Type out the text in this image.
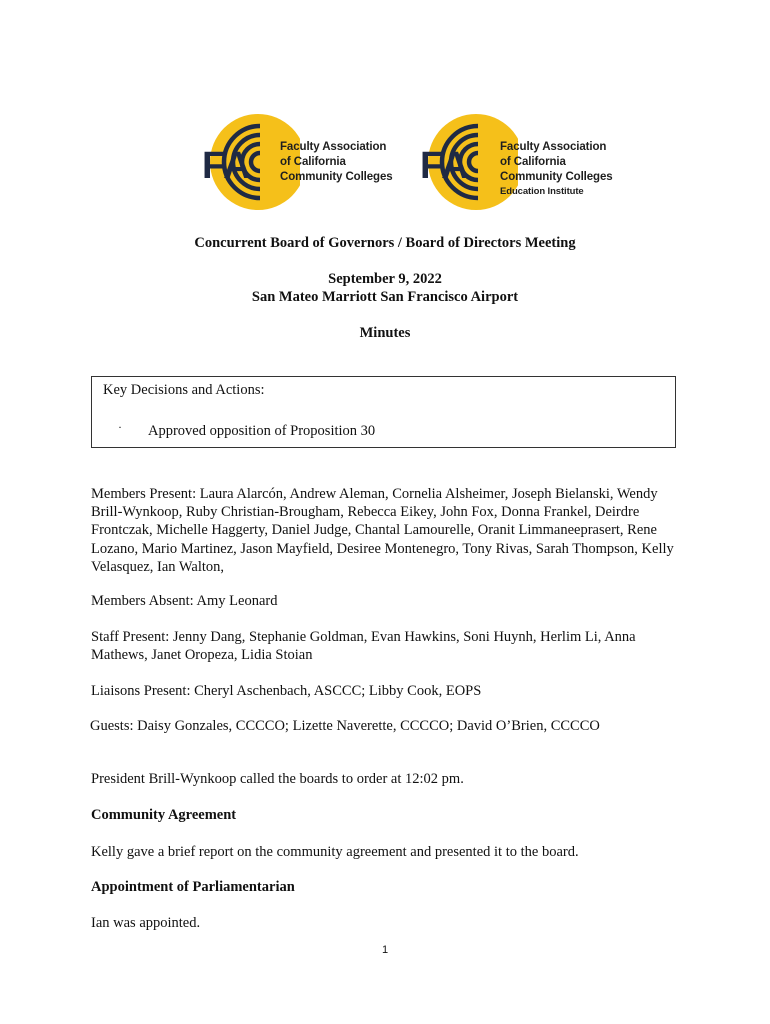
FA	Faculty Association
of California
Community Colleges FA	Faculty Association
of California
Community Colleges
Education Institute
Concurrent Board of Governors / Board of Directors Meeting
September 9, 2022
San Mateo Marriott San Francisco Airport
Minutes
Key Decisions and Actions:
· Approved opposition of Proposition 30
Members Present: Laura Alarcón, Andrew Aleman, Cornelia Alsheimer, Joseph Bielanski, Wendy Brill-Wynkoop, Ruby Christian-Brougham, Rebecca Eikey, John Fox, Donna Frankel, Deirdre Frontczak, Michelle Haggerty, Daniel Judge, Chantal Lamourelle, Oranit Limmaneeprasert, Rene Lozano, Mario Martinez, Jason Mayfield, Desiree Montenegro, Tony Rivas, Sarah Thompson, Kelly Velasquez, Ian Walton,
Members Absent: Amy Leonard
Staff Present: Jenny Dang, Stephanie Goldman, Evan Hawkins, Soni Huynh, Herlim Li, Anna Mathews, Janet Oropeza, Lidia Stoian
Liaisons Present: Cheryl Aschenbach, ASCCC; Libby Cook, EOPS
Guests: Daisy Gonzales, CCCCO; Lizette Naverette, CCCCO; David O’Brien, CCCCO
President Brill-Wynkoop called the boards to order at 12:02 pm.
Community Agreement
Kelly gave a brief report on the community agreement and presented it to the board.
Appointment of Parliamentarian
Ian was appointed.
1
